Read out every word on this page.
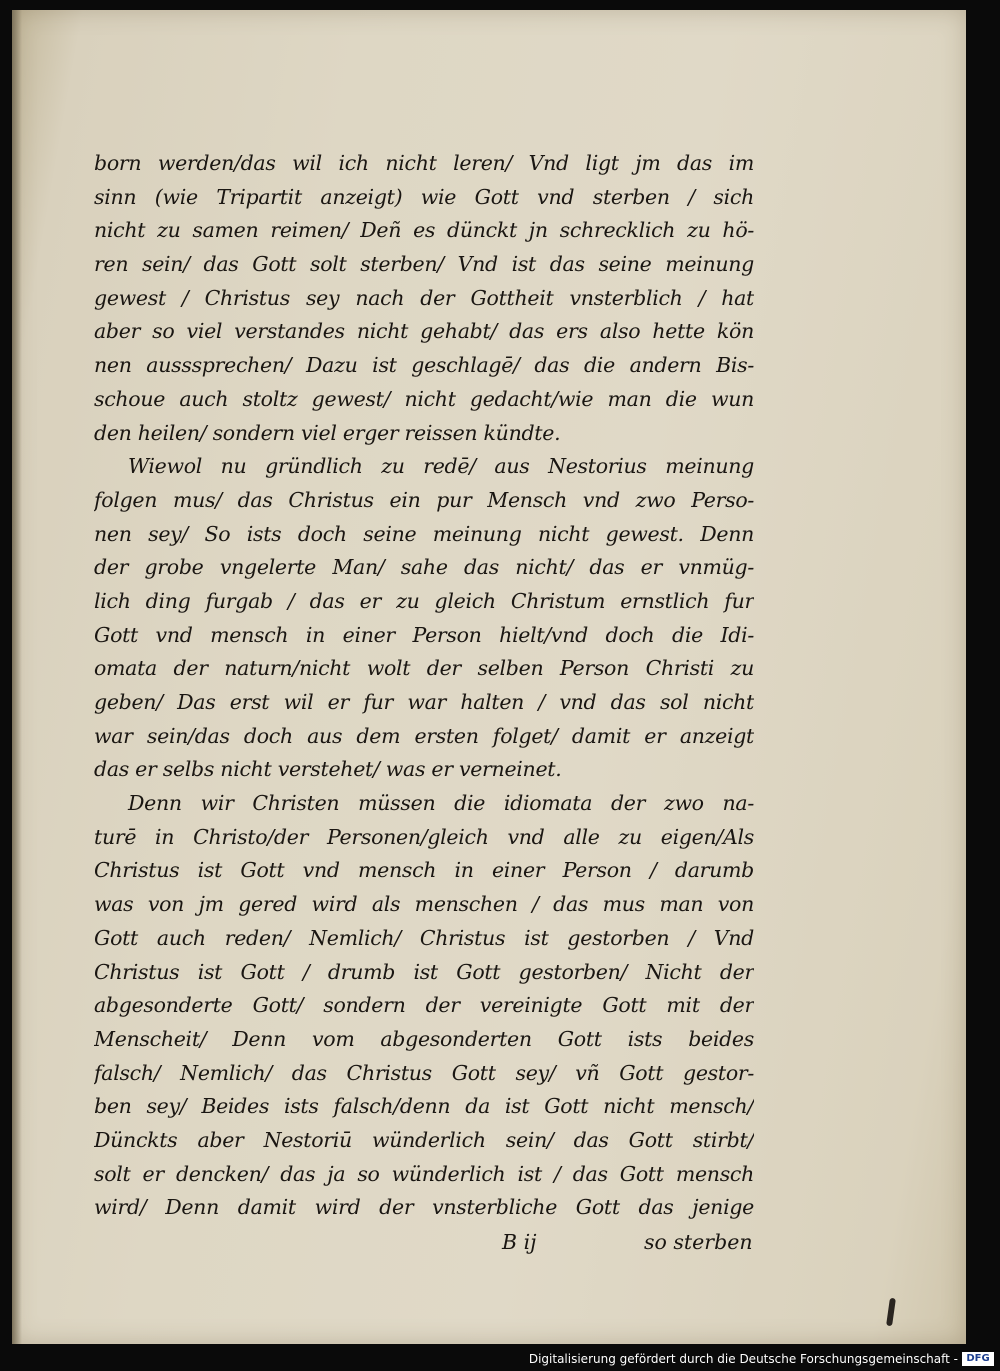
born werden/das wil ich nicht leren/ Vnd ligt jm das im
sinn (wie Tripartit anzeigt) wie Gott vnd sterben / sich
nicht zu samen reimen/ Deñ es dünckt jn schrecklich zu hö-
ren sein/ das Gott solt sterben/ Vnd ist das seine meinung
gewest / Christus sey nach der Gottheit vnsterblich / hat
aber so viel verstandes nicht gehabt/ das ers also hette kön
nen ausssprechen/ Dazu ist geschlagē/ das die andern Bis-
schoue auch stoltz gewest/ nicht gedacht/wie man die wun
den heilen/ sondern viel erger reissen kündte.
Wiewol nu gründlich zu redē/ aus Nestorius meinung
folgen mus/ das Christus ein pur Mensch vnd zwo Perso-
nen sey/ So ists doch seine meinung nicht gewest. Denn
der grobe vngelerte Man/ sahe das nicht/ das er vnmüg-
lich ding furgab / das er zu gleich Christum ernstlich fur
Gott vnd mensch in einer Person hielt/vnd doch die Idi-
omata der naturn/nicht wolt der selben Person Christi zu
geben/ Das erst wil er fur war halten / vnd das sol nicht
war sein/das doch aus dem ersten folget/ damit er anzeigt
das er selbs nicht verstehet/ was er verneinet.
Denn wir Christen müssen die idiomata der zwo na-
turē in Christo/der Personen/gleich vnd alle zu eigen/Als
Christus ist Gott vnd mensch in einer Person / darumb
was von jm gered wird als menschen / das mus man von
Gott auch reden/ Nemlich/ Christus ist gestorben / Vnd
Christus ist Gott / drumb ist Gott gestorben/ Nicht der
abgesonderte Gott/ sondern der vereinigte Gott mit der
Menscheit/ Denn vom abgesonderten Gott ists beides
falsch/ Nemlich/ das Christus Gott sey/ vñ Gott gestor-
ben sey/ Beides ists falsch/denn da ist Gott nicht mensch/
Dünckts aber Nestoriū wünderlich sein/ das Gott stirbt/
solt er dencken/ das ja so wünderlich ist / das Gott mensch
wird/ Denn damit wird der vnsterbliche Gott das jenige
B ij	so sterben
Digitalisierung gefördert durch die Deutsche Forschungsgemeinschaft - DFG
